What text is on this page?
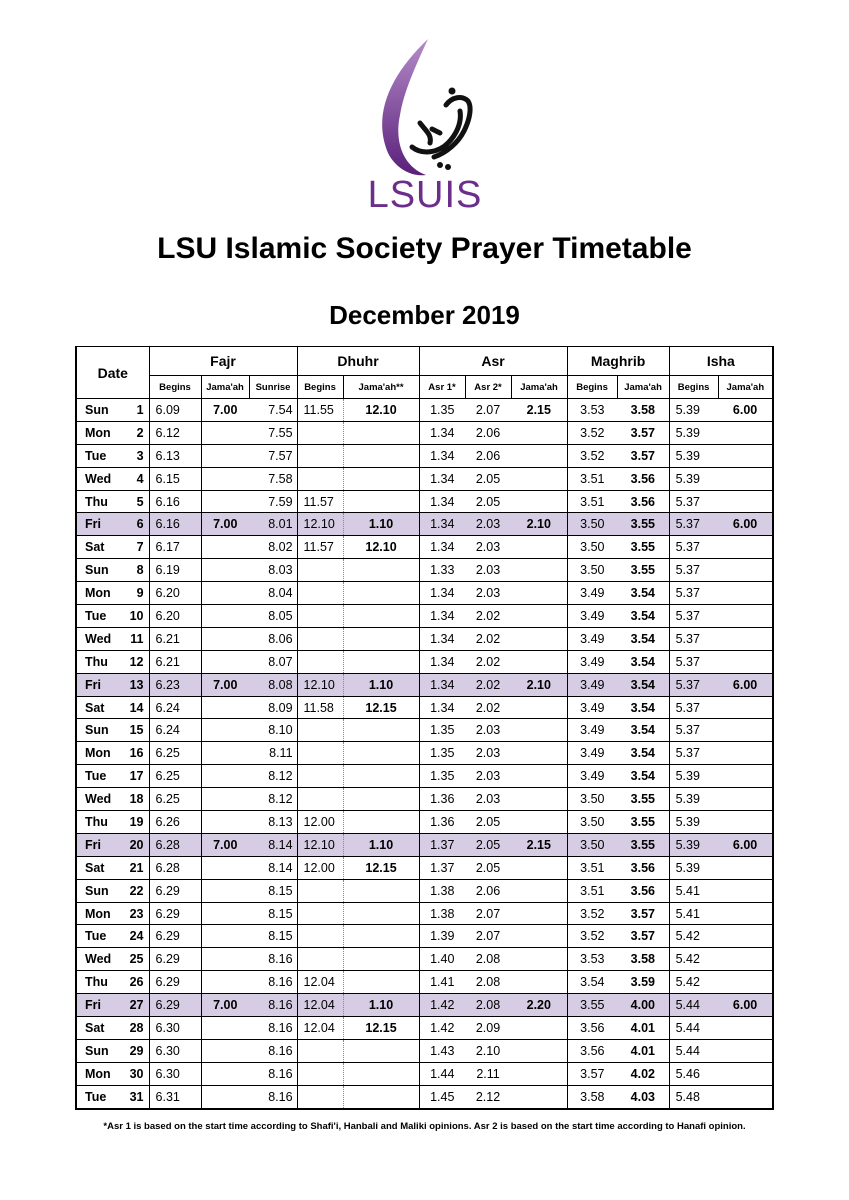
LSUIS
LSU Islamic Society Prayer Timetable
December 2019
Date		Fajr			Dhuhr		Asr			Maghrib		Isha	
		Begins	Jama'ah	Sunrise	Begins	Jama'ah**	Asr 1*	Asr 2*	Jama'ah	Begins	Jama'ah	Begins	Jama'ah
Sun	1	6.09	7.00	7.54	11.55	12.10	1.35	2.07	2.15	3.53	3.58	5.39	6.00
Mon	2	6.12		7.55			1.34	2.06		3.52	3.57	5.39	
Tue	3	6.13		7.57			1.34	2.06		3.52	3.57	5.39	
Wed	4	6.15		7.58			1.34	2.05		3.51	3.56	5.39	
Thu	5	6.16		7.59	11.57		1.34	2.05		3.51	3.56	5.37	
Fri	6	6.16	7.00	8.01	12.10	1.10	1.34	2.03	2.10	3.50	3.55	5.37	6.00
Sat	7	6.17		8.02	11.57	12.10	1.34	2.03		3.50	3.55	5.37	
Sun	8	6.19		8.03			1.33	2.03		3.50	3.55	5.37	
Mon	9	6.20		8.04			1.34	2.03		3.49	3.54	5.37	
Tue	10	6.20		8.05			1.34	2.02		3.49	3.54	5.37	
Wed	11	6.21		8.06			1.34	2.02		3.49	3.54	5.37	
Thu	12	6.21		8.07			1.34	2.02		3.49	3.54	5.37	
Fri	13	6.23	7.00	8.08	12.10	1.10	1.34	2.02	2.10	3.49	3.54	5.37	6.00
Sat	14	6.24		8.09	11.58	12.15	1.34	2.02		3.49	3.54	5.37	
Sun	15	6.24		8.10			1.35	2.03		3.49	3.54	5.37	
Mon	16	6.25		8.11			1.35	2.03		3.49	3.54	5.37	
Tue	17	6.25		8.12			1.35	2.03		3.49	3.54	5.39	
Wed	18	6.25		8.12			1.36	2.03		3.50	3.55	5.39	
Thu	19	6.26		8.13	12.00		1.36	2.05		3.50	3.55	5.39	
Fri	20	6.28	7.00	8.14	12.10	1.10	1.37	2.05	2.15	3.50	3.55	5.39	6.00
Sat	21	6.28		8.14	12.00	12.15	1.37	2.05		3.51	3.56	5.39	
Sun	22	6.29		8.15			1.38	2.06		3.51	3.56	5.41	
Mon	23	6.29		8.15			1.38	2.07		3.52	3.57	5.41	
Tue	24	6.29		8.15			1.39	2.07		3.52	3.57	5.42	
Wed	25	6.29		8.16			1.40	2.08		3.53	3.58	5.42	
Thu	26	6.29		8.16	12.04		1.41	2.08		3.54	3.59	5.42	
Fri	27	6.29	7.00	8.16	12.04	1.10	1.42	2.08	2.20	3.55	4.00	5.44	6.00
Sat	28	6.30		8.16	12.04	12.15	1.42	2.09		3.56	4.01	5.44	
Sun	29	6.30		8.16			1.43	2.10		3.56	4.01	5.44	
Mon	30	6.30		8.16			1.44	2.11		3.57	4.02	5.46	
Tue	31	6.31		8.16			1.45	2.12		3.58	4.03	5.48	
*Asr 1 is based on the start time according to Shafi'i, Hanbali and Maliki opinions. Asr 2 is based on the start time according to Hanafi opinion.
